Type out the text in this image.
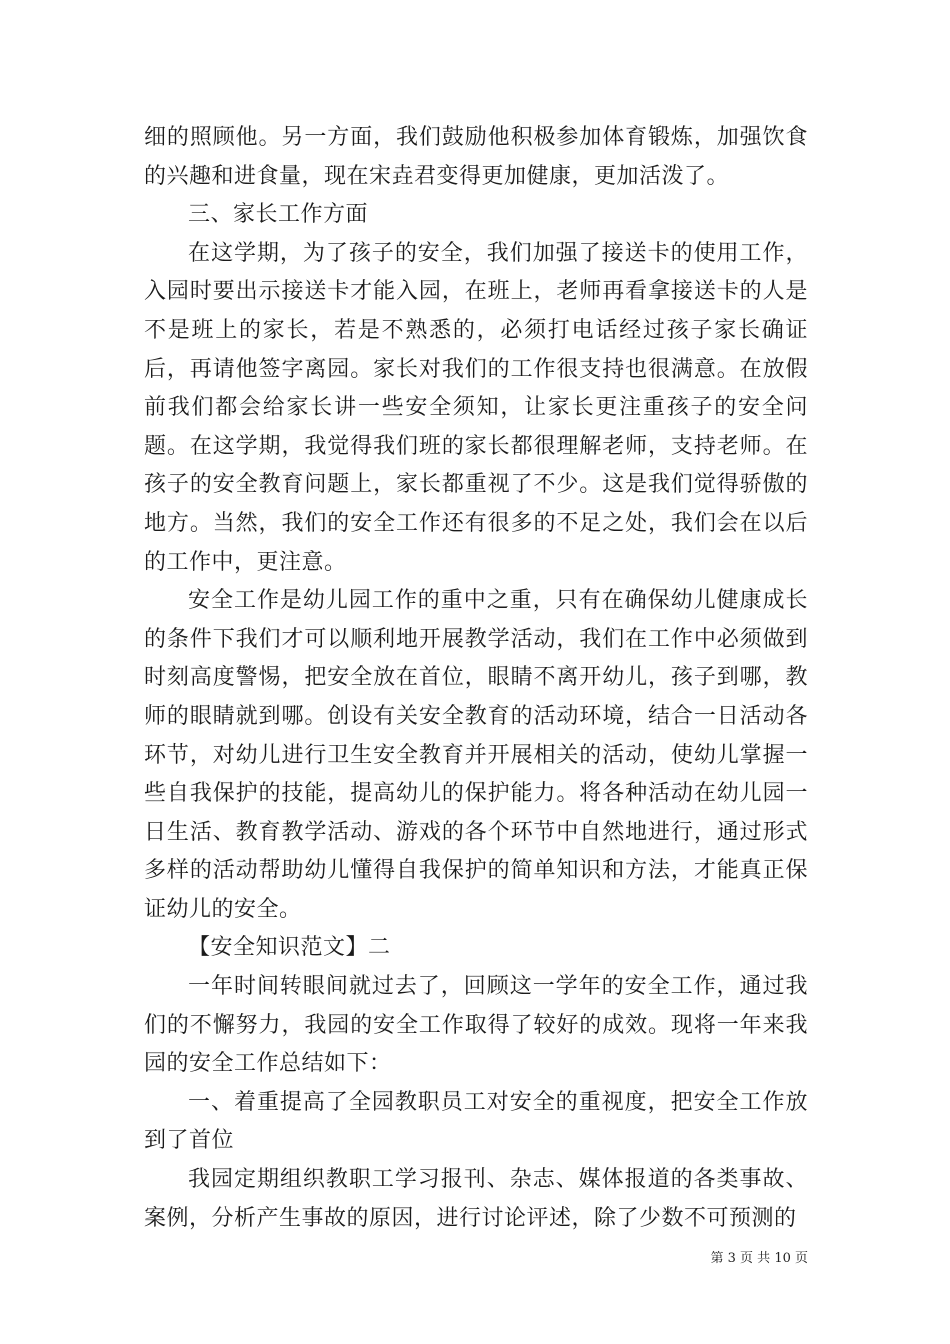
细的照顾他。另一方面，我们鼓励他积极参加体育锻炼，加强饮食的兴趣和进食量，现在宋垚君变得更加健康，更加活泼了。

三、家长工作方面

在这学期，为了孩子的安全，我们加强了接送卡的使用工作，入园时要出示接送卡才能入园，在班上，老师再看拿接送卡的人是不是班上的家长，若是不熟悉的，必须打电话经过孩子家长确证后，再请他签字离园。家长对我们的工作很支持也很满意。在放假前我们都会给家长讲一些安全须知，让家长更注重孩子的安全问题。在这学期，我觉得我们班的家长都很理解老师，支持老师。在孩子的安全教育问题上，家长都重视了不少。这是我们觉得骄傲的地方。当然，我们的安全工作还有很多的不足之处，我们会在以后的工作中，更注意。

安全工作是幼儿园工作的重中之重，只有在确保幼儿健康成长的条件下我们才可以顺利地开展教学活动，我们在工作中必须做到时刻高度警惕，把安全放在首位，眼睛不离开幼儿，孩子到哪，教师的眼睛就到哪。创设有关安全教育的活动环境，结合一日活动各环节，对幼儿进行卫生安全教育并开展相关的活动，使幼儿掌握一些自我保护的技能，提高幼儿的保护能力。将各种活动在幼儿园一日生活、教育教学活动、游戏的各个环节中自然地进行，通过形式多样的活动帮助幼儿懂得自我保护的简单知识和方法，才能真正保证幼儿的安全。

【安全知识范文】二

一年时间转眼间就过去了，回顾这一学年的安全工作，通过我们的不懈努力，我园的安全工作取得了较好的成效。现将一年来我园的安全工作总结如下：

一、着重提高了全园教职员工对安全的重视度，把安全工作放到了首位

我园定期组织教职工学习报刊、杂志、媒体报道的各类事故、案例，分析产生事故的原因，进行讨论评述，除了少数不可预测的

第 3 页 共 10 页
